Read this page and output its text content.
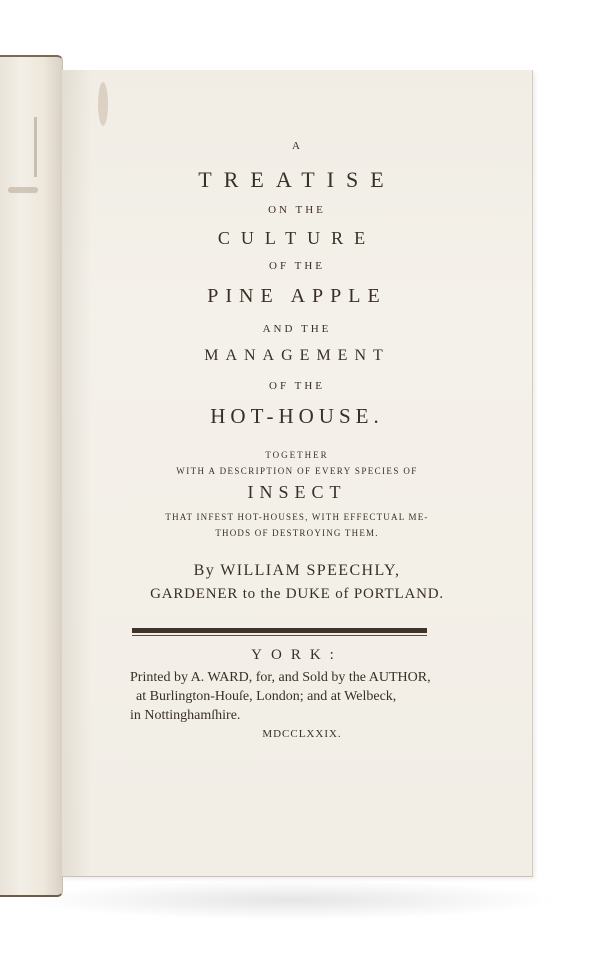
A
TREATISE
ON THE
CULTURE
OF THE
PINE APPLE
AND THE
MANAGEMENT
OF THE
HOT-HOUSE.
TOGETHER
WITH A DESCRIPTION OF EVERY SPECIES OF
INSECT
THAT INFEST HOT-HOUSES, WITH EFFECTUAL ME-
THODS OF DESTROYING THEM.
By WILLIAM SPEECHLY,
GARDENER to the DUKE of PORTLAND.
YORK:
Printed by A. WARD, for, and Sold by the AUTHOR,
at Burlington-Houſe, London; and at Welbeck,
in Nottinghamſhire.
MDCCLXXIX.
